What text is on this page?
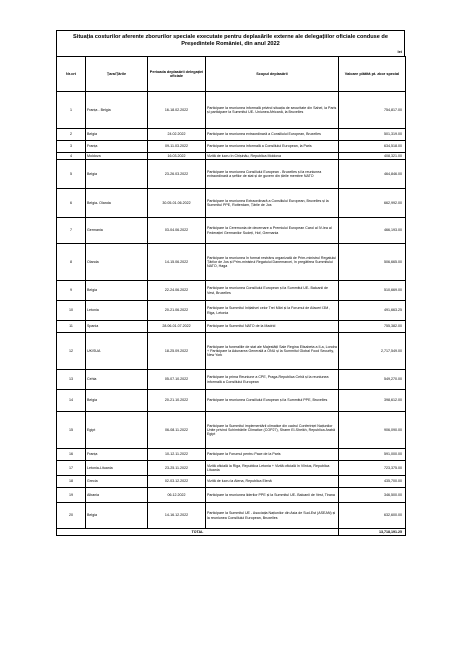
Situația costurilor aferente zborurilor speciale executate pentru deplasările externe ale delegațiilor oficiale conduse de Președintele României, din anul 2022
lei
Nr.crt	Țara/Țările	Perioada deplasării delegației oficiale	Scopul deplasării	Valoare plătită pt. zbor special
1	Franța - Belgia	16-18.02.2022	Participare la reuniunea informală privind situația de securitate din Sahel, la Paris și participare la Summitul UE- Uniunea Africană, la Bruxelles	754,817.00
2	Belgia	24.02.2022	Participare la reuniunea extraordinară a Consiliului European, Bruxelles	501,319.00
3	Franța	09-11.03.2022	Participare la reuniunea informală a Consiliului European, la Paris	634,518.00
4	Moldova	16.03.2022	Vizită de lucru în Chișinău, Republica Moldova	408,321.00
5	Belgia	23-26.03.2022	Participare la reuniunea Consiliului European - Bruxelles și la reuniunea extraordinară a șefilor de stat și de guvern din țările membre NATO	464,846.00
6	Belgia- Olanda	30.05-01.06.2022	Participare la reuniunea Extraordinară a Consiliului European, Bruxelles și la Summitul PPE, Rotterdam, Țările de Jos	662,992.00
7	Germania	03-04.06.2022	Participare la Ceremonia de decernare a Premiului European Carol al IV-lea al Federației Germanilor Sudeți, Hof, Germania	466,193.00
8	Olanda	14-15.06.2022	Participare la reuniunea în format restrâns organizată de Prim-ministrul Regatului Țărilor de Jos și Prim-ministrul Regatului Danemarcei, în pregătirea Summitului NATO, Haga	506,665.00
9	Belgia	22-24.06.2022	Participare la reuniunea Consiliului European și la Summitul UE- Balcanii de Vest, Bruxelles	510,669.00
10	Letonia	20-21.06.2022	Participare la Summitul Inițiativei celor Trei Mări și la Forumul de Afaceri I3M , Riga, Letonia	491,663.25
11	Spania	28.06-01.07.2022	Participare la Summitul NATO de la Madrid	755,382.00
12	UK/SUA	18-25.09.2022	Participare la funeraliile de stat ale Majestății Sale Regina Elisabeta a II-a, Londra + Participare la Adunarea Generală a ONU și la Summitul Global Food Security, New York	2,717,549.00
13	Cehia	05-07.10.2022	Participare la prima Reuniune a CPE, Praga-Republica Cehă și la reuniunea informală a Consiliului European	549,270.00
14	Belgia	20-21.10.2022	Participare la reuniunea Consiliului European și la Summitul PPE, Bruxelles	398,612.00
15	Egipt	06-08.11.2022	Participare la Summitul implementării climatice din cadrul Conferinței Națiunilor Unite privind Schimbările Climatice (COP27), Sharm El-Sheikh, Republica Arabă Egipt	906,090.00
16	Franța	10-12.11.2022	Participare la Forumul pentru Pace de la Paris	591,000.00
17	Letonia-Lituania	23-25.11.2022	Vizită oficială la Riga, Republica Letonia + Vizită oficială în Vilnius, Republica Lituania	723,375.00
18	Grecia	02-03.12.2022	Vizită de lucru la Atena, Republica Elenă	435,700.00
19	Albania	06.12.2022	Participare la reuniunea liderilor PPE și la Summitul UE- Balcanii de Vest, Tirana	346,500.00
20	Belgia	14-16.12.2022	Participare la Summitul UE - Asociația Națiunilor din Asia de Sud-Est (ASEAN) și la reuniunea Consiliului European, Bruxelles	632,600.00
TOTAL				13,718,191.25
